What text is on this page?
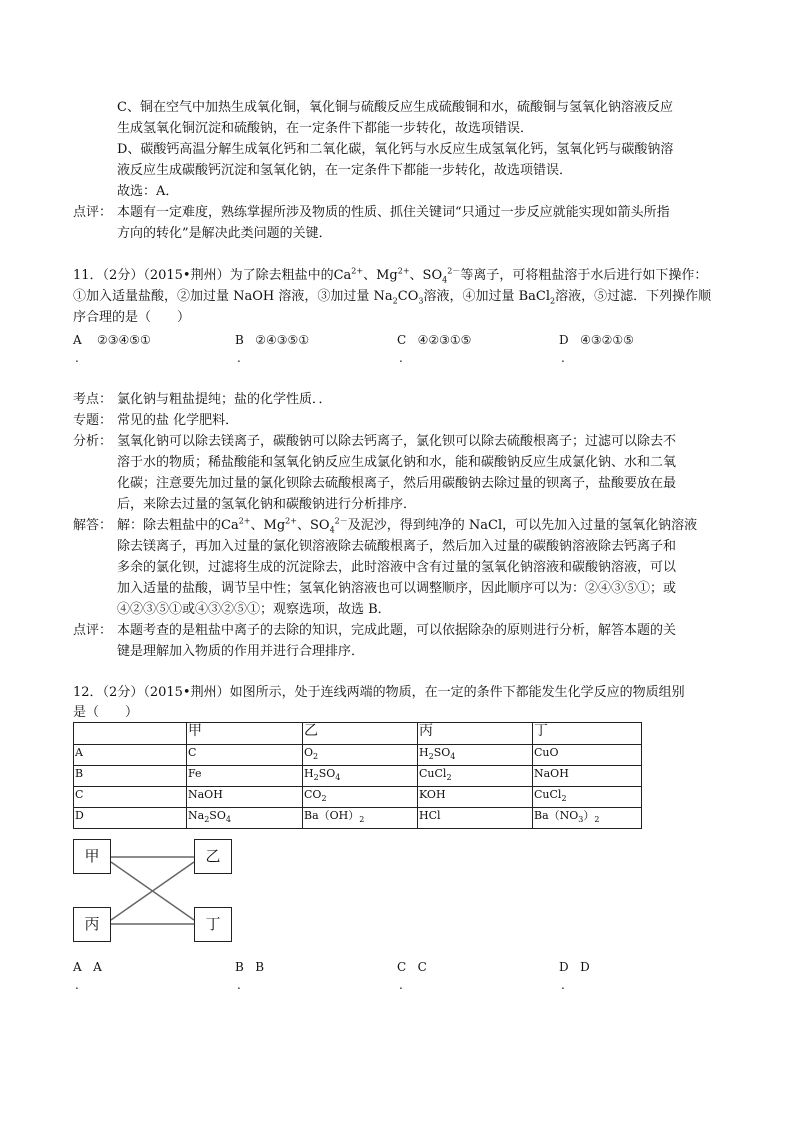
C、铜在空气中加热生成氧化铜，氧化铜与硫酸反应生成硫酸铜和水，硫酸铜与氢氧化钠溶液反应
生成氢氧化铜沉淀和硫酸钠，在一定条件下都能一步转化，故选项错误．
D、碳酸钙高温分解生成氧化钙和二氧化碳，氧化钙与水反应生成氢氧化钙，氢氧化钙与碳酸钠溶
液反应生成碳酸钙沉淀和氢氧化钠，在一定条件下都能一步转化，故选项错误．
故选：A．
点评： 本题有一定难度，熟练掌握所涉及物质的性质、抓住关键词“只通过一步反应就能实现如箭头所指
方向的转化”是解决此类问题的关键．
11．（2分）（2015•荆州）为了除去粗盐中的$Ca^{2+}$、$Mg^{2+}$、$SO_4^{2-}$等离子，可将粗盐溶于水后进行如下操作：
①加入适量盐酸，②加过量 NaOH 溶液，③加过量 $Na_2CO_3$溶液，④加过量 BaCl$_2$溶液，⑤过滤．下列操作顺
序合理的是（　　）
A ②③④⑤①	B ②④③⑤①	C ④②③①⑤	D ④③②①⑤
.	.	.	.
考点： 氯化钠与粗盐提纯；盐的化学性质．．
专题： 常见的盐 化学肥料．
分析： 氢氧化钠可以除去镁离子，碳酸钠可以除去钙离子，氯化钡可以除去硫酸根离子；过滤可以除去不
溶于水的物质；稀盐酸能和氢氧化钠反应生成氯化钠和水，能和碳酸钠反应生成氯化钠、水和二氧
化碳；注意要先加过量的氯化钡除去硫酸根离子，然后用碳酸钠去除过量的钡离子，盐酸要放在最
后，来除去过量的氢氧化钠和碳酸钠进行分析排序．
解答： 解：除去粗盐中的$Ca^{2+}$、$Mg^{2+}$、$SO_4^{2-}$及泥沙，得到纯净的 NaCl，可以先加入过量的氢氧化钠溶液
除去镁离子，再加入过量的氯化钡溶液除去硫酸根离子，然后加入过量的碳酸钠溶液除去钙离子和
多余的氯化钡，过滤将生成的沉淀除去，此时溶液中含有过量的氢氧化钠溶液和碳酸钠溶液，可以
加入适量的盐酸，调节呈中性；氢氧化钠溶液也可以调整顺序，因此顺序可以为：②④③⑤①；或
④②③⑤①或④③②⑤①；观察选项，故选 B．
点评： 本题考查的是粗盐中离子的去除的知识，完成此题，可以依据除杂的原则进行分析，解答本题的关
键是理解加入物质的作用并进行合理排序．
12．（2分）（2015•荆州）如图所示，处于连线两端的物质，在一定的条件下都能发生化学反应的物质组别
是（　　）
	甲	乙	丙	丁
A	C	$O_2$	$H_2SO_4$	CuO
B	Fe	$H_2SO_4$	CuCl$_2$	NaOH
C	NaOH	$CO_2$	KOH	CuCl$_2$
D	$Na_2SO_4$	$Ba(OH)_2$	HCl	$Ba(NO_3)_2$
甲	乙
丙	丁
A A	B B	C C	D D
.	.	.	.
